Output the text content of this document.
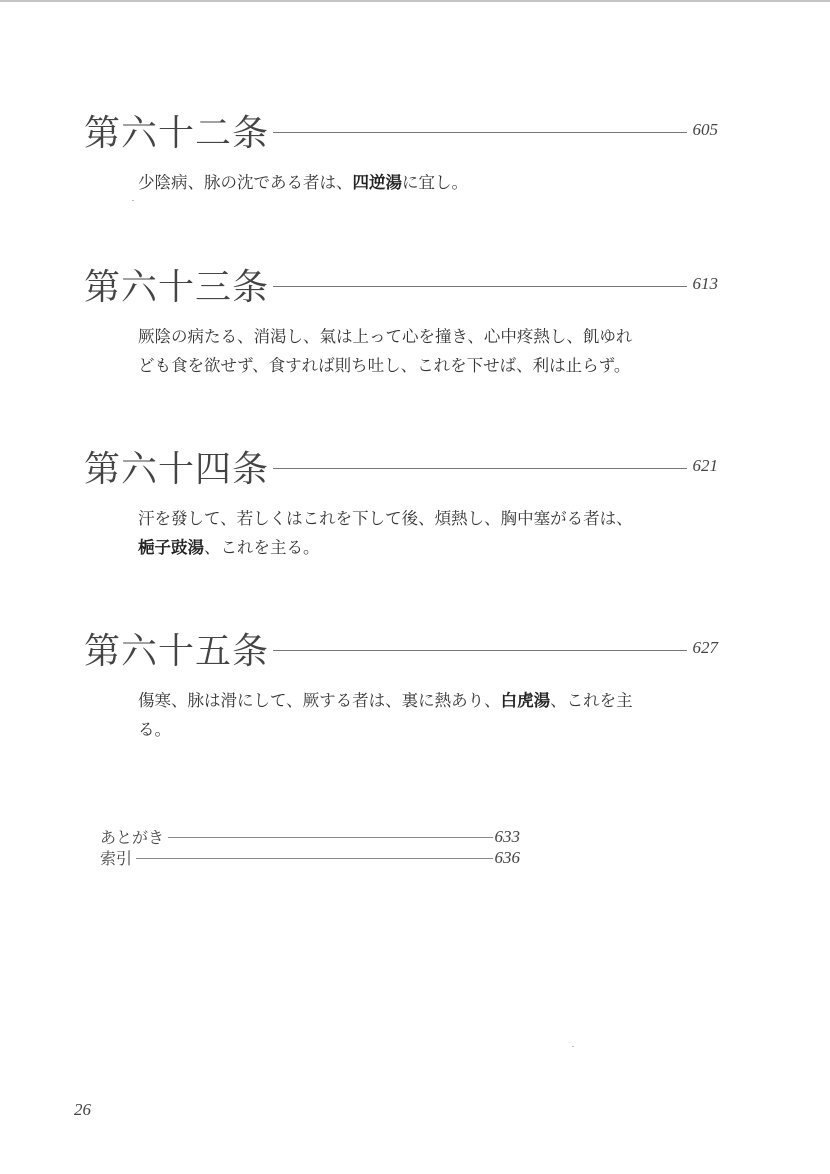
第六十二条	605
少陰病、脉の沈である者は、四逆湯に宜し。
第六十三条	613
厥陰の病たる、消渇し、氣は上って心を撞き、心中疼熱し、飢ゆれ
ども食を欲せず、食すれば則ち吐し、これを下せば、利は止らず。
第六十四条	621
汗を發して、若しくはこれを下して後、煩熱し、胸中塞がる者は、
梔子豉湯、これを主る。
第六十五条	627
傷寒、脉は滑にして、厥する者は、裏に熱あり、白虎湯、これを主
る。
あとがき	633
索引	636
26
